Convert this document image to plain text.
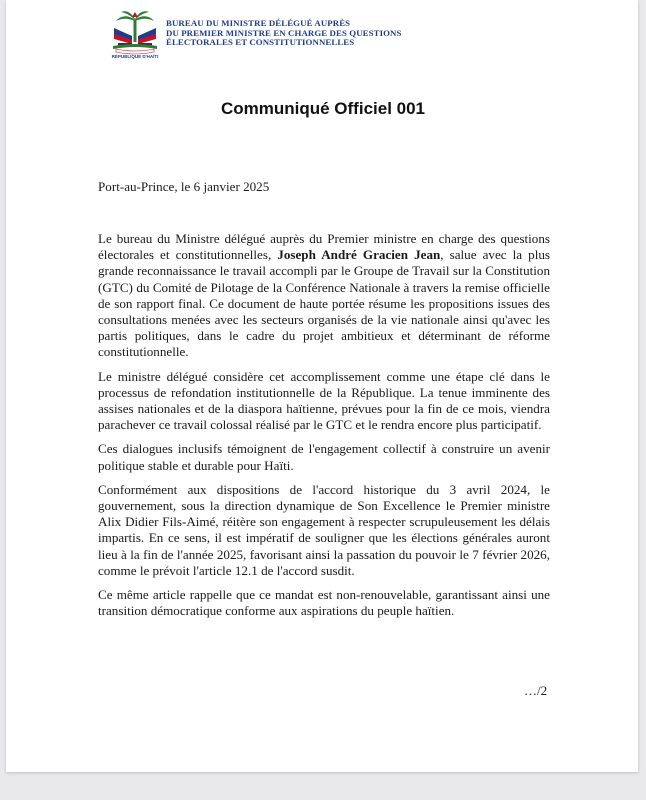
RÉPUBLIQUE D'HAÏTI
BUREAU DU MINISTRE DÉLÉGUÉ AUPRÈS
DU PREMIER MINISTRE EN CHARGE DES QUESTIONS
ÉLECTORALES ET CONSTITUTIONNELLES
Communiqué Officiel 001
Port-au-Prince, le 6 janvier 2025

Le bureau du Ministre délégué auprès du Premier ministre en charge des questions électorales et constitutionnelles, Joseph André Gracien Jean, salue avec la plus grande reconnaissance le travail accompli par le Groupe de Travail sur la Constitution (GTC) du Comité de Pilotage de la Conférence Nationale à travers la remise officielle de son rapport final. Ce document de haute portée résume les propositions issues des consultations menées avec les secteurs organisés de la vie nationale ainsi qu'avec les partis politiques, dans le cadre du projet ambitieux et déterminant de réforme constitutionnelle.

Le ministre délégué considère cet accomplissement comme une étape clé dans le processus de refondation institutionnelle de la République. La tenue imminente des assises nationales et de la diaspora haïtienne, prévues pour la fin de ce mois, viendra parachever ce travail colossal réalisé par le GTC et le rendra encore plus participatif.

Ces dialogues inclusifs témoignent de l'engagement collectif à construire un avenir politique stable et durable pour Haïti.

Conformément aux dispositions de l'accord historique du 3 avril 2024, le gouvernement, sous la direction dynamique de Son Excellence le Premier ministre Alix Didier Fils-Aimé, réitère son engagement à respecter scrupuleusement les délais impartis. En ce sens, il est impératif de souligner que les élections générales auront lieu à la fin de l'année 2025, favorisant ainsi la passation du pouvoir le 7 février 2026, comme le prévoit l'article 12.1 de l'accord susdit.

Ce même article rappelle que ce mandat est non-renouvelable, garantissant ainsi une transition démocratique conforme aux aspirations du peuple haïtien.

…/2
